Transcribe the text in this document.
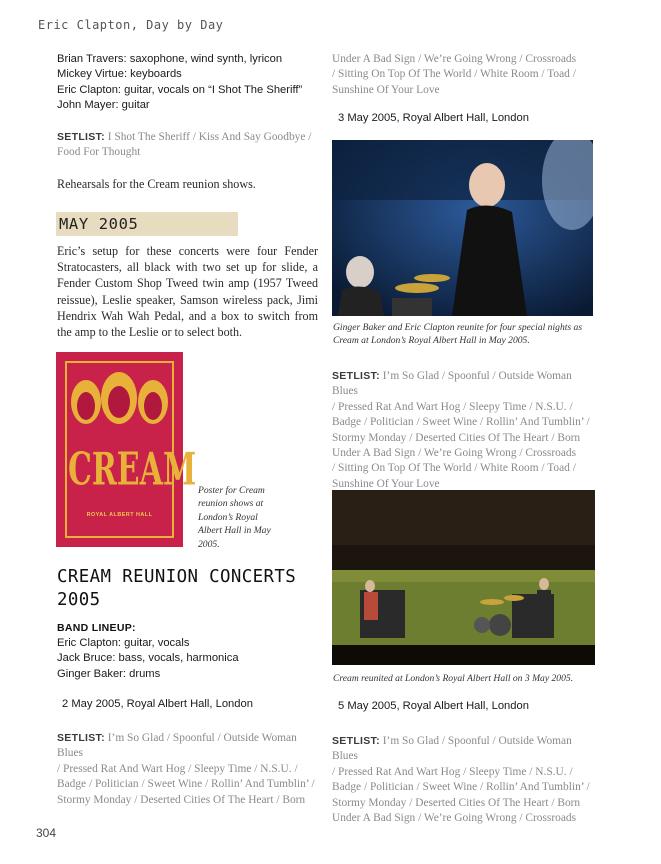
Eric Clapton, Day by Day
Brian Travers: saxophone, wind synth, lyricon
Mickey Virtue: keyboards
Eric Clapton: guitar, vocals on “I Shot The Sheriff”
John Mayer: guitar
SETLIST: I Shot The Sheriff / Kiss And Say Goodbye /
Food For Thought
Rehearsals for the Cream reunion shows.
MAY 2005
Eric’s setup for these concerts were four Fender
Stratocasters, all black with two set up for slide, a
Fender Custom Shop Tweed twin amp (1957 Tweed
reissue), Leslie speaker, Samson wireless pack, Jimi
Hendrix Wah Wah Pedal, and a box to switch from
the amp to the Leslie or to select both.
CREAM
ROYAL ALBERT HALL
Poster for Cream
reunion shows at
London’s Royal
Albert Hall in May
2005.
CREAM REUNION CONCERTS
2005
BAND LINEUP:
Eric Clapton: guitar, vocals
Jack Bruce: bass, vocals, harmonica
Ginger Baker: drums
2 May 2005, Royal Albert Hall, London
SETLIST: I’m So Glad / Spoonful / Outside Woman Blues
/ Pressed Rat And Wart Hog / Sleepy Time / N.S.U. /
Badge / Politician / Sweet Wine / Rollin’ And Tumblin’ /
Stormy Monday / Deserted Cities Of The Heart / Born
Under A Bad Sign / We’re Going Wrong / Crossroads
/ Sitting On Top Of The World / White Room / Toad /
Sunshine Of Your Love
3 May 2005, Royal Albert Hall, London
Ginger Baker and Eric Clapton reunite for four special nights as
Cream at London’s Royal Albert Hall in May 2005.
SETLIST: I’m So Glad / Spoonful / Outside Woman Blues
/ Pressed Rat And Wart Hog / Sleepy Time / N.S.U. /
Badge / Politician / Sweet Wine / Rollin’ And Tumblin’ /
Stormy Monday / Deserted Cities Of The Heart / Born
Under A Bad Sign / We’re Going Wrong / Crossroads
/ Sitting On Top Of The World / White Room / Toad /
Sunshine Of Your Love
Cream reunited at London’s Royal Albert Hall on 3 May 2005.
5 May 2005, Royal Albert Hall, London
SETLIST: I’m So Glad / Spoonful / Outside Woman Blues
/ Pressed Rat And Wart Hog / Sleepy Time / N.S.U. /
Badge / Politician / Sweet Wine / Rollin’ And Tumblin’ /
Stormy Monday / Deserted Cities Of The Heart / Born
Under A Bad Sign / We’re Going Wrong / Crossroads
304
